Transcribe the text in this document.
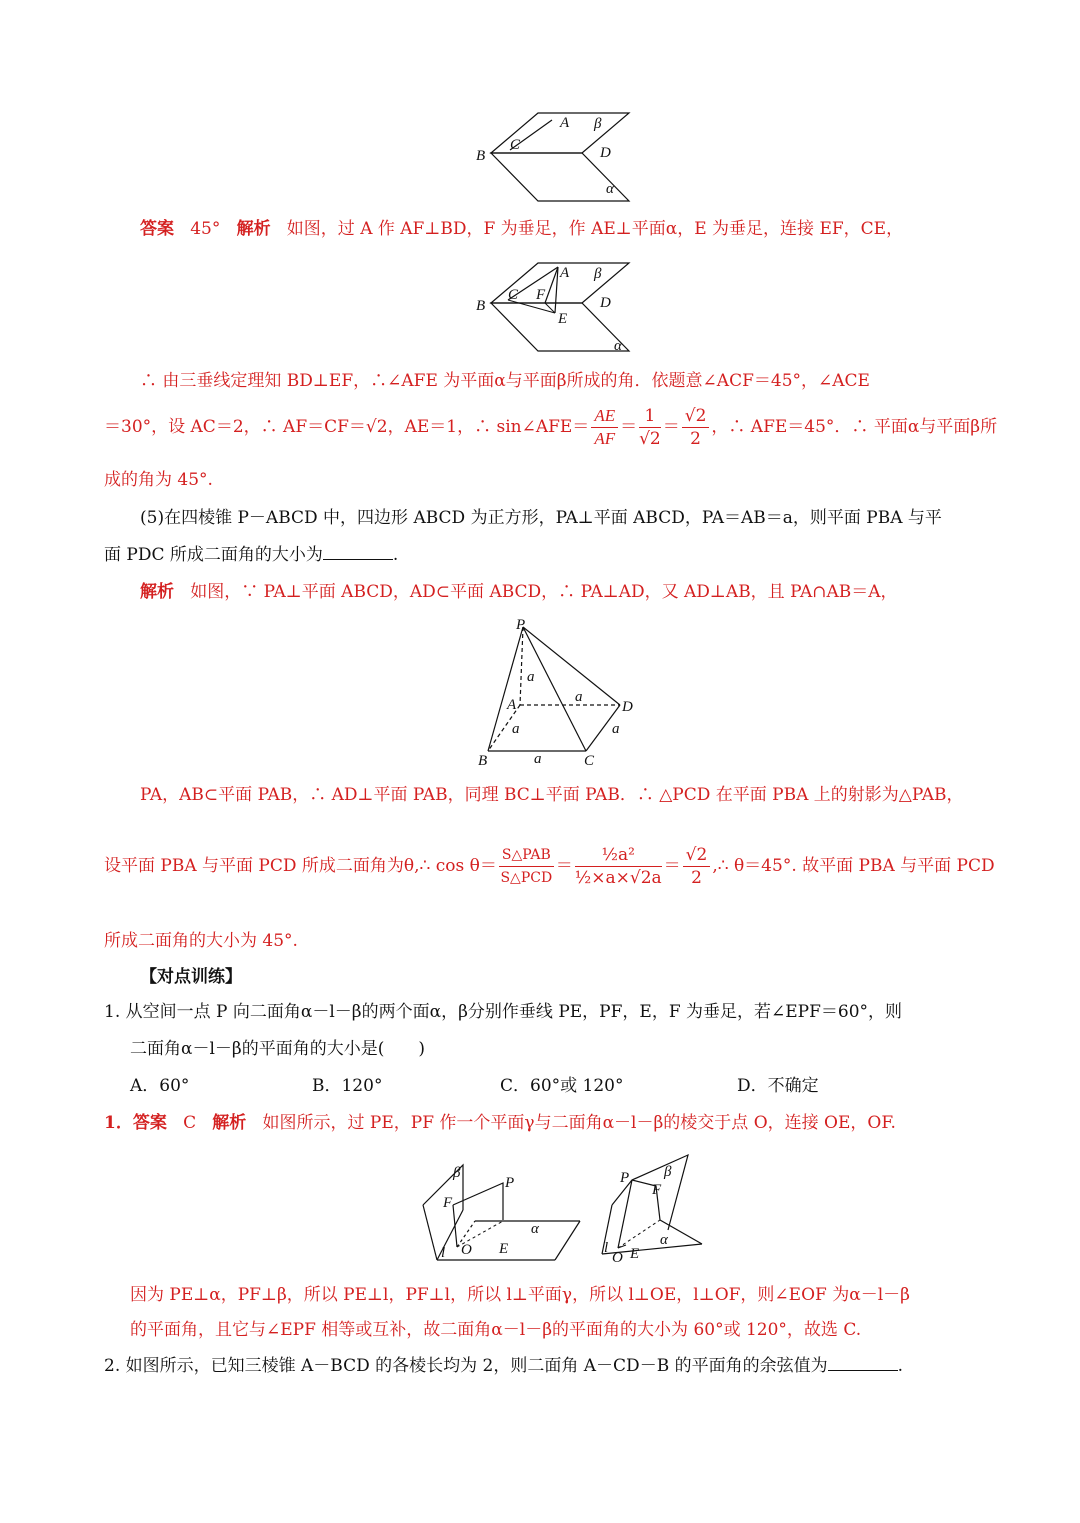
A β
B
C	D
α
答案 45° 解析 如图，过 A 作 AF⊥BD，F 为垂足，作 AE⊥平面α，E 为垂足，连接 EF，CE，
A β
B
C F	D
E
α
∴ 由三垂线定理知 BD⊥EF，∴∠AFE 为平面α与平面β所成的角．依题意∠ACF＝45°，∠ACE
＝30°，设 AC＝2，∴ AF＝CF＝√2，AE＝1，∴ sin∠AFE＝ $\frac{AE}{AF} = \frac{1}{√2} = \frac{√2}{2}$ ，∴ AFE＝45°．∴ 平面α与平面β所
成的角为 45°.
(5)在四棱锥 P－ABCD 中，四边形 ABCD 为正方形，PA⊥平面 ABCD，PA＝AB＝a，则平面 PBA 与平
面 PDC 所成二面角的大小为	.
解析 如图，∵ PA⊥平面 ABCD，AD⊂平面 ABCD，∴ PA⊥AD，又 AD⊥AB，且 PA∩AB＝A，
P
a
a
A	D
a	a
B	a	C
PA，AB⊂平面 PAB，∴ AD⊥平面 PAB，同理 BC⊥平面 PAB．∴ △PCD 在平面 PBA 上的射影为△PAB，
设平面 PBA 与平面 PCD 所成二面角为θ,∴ $\cos \theta= \frac{\text{S△PAB}}{\text{S△PCD}} = \frac{\text{½a²}}{\text{½×a×√2a}} = \frac{√2}{2}$ ,∴ θ＝45°. 故平面 PBA 与平面 PCD
所成二面角的大小为 45°.
【对点训练】
1. 从空间一点 P 向二面角α－l－β的两个面α，β分别作垂线 PE，PF，E，F 为垂足，若∠EPF＝60°，则
二面角α－l－β的平面角的大小是(　　)
A．60°	B．120°	C．60°或 120°	D．不确定
1．答案 C 解析 如图所示，过 PE，PF 作一个平面γ与二面角α－l－β的棱交于点 O，连接 OE，OF.
β
P
F
α
l O E
P β
F
α
l
O E
因为 PE⊥α，PF⊥β，所以 PE⊥l，PF⊥l，所以 l⊥平面γ，所以 l⊥OE，l⊥OF，则∠EOF 为α－l－β
的平面角，且它与∠EPF 相等或互补，故二面角α－l－β的平面角的大小为 60°或 120°，故选 C.
2. 如图所示，已知三棱锥 A－BCD 的各棱长均为 2，则二面角 A－CD－B 的平面角的余弦值为	.
